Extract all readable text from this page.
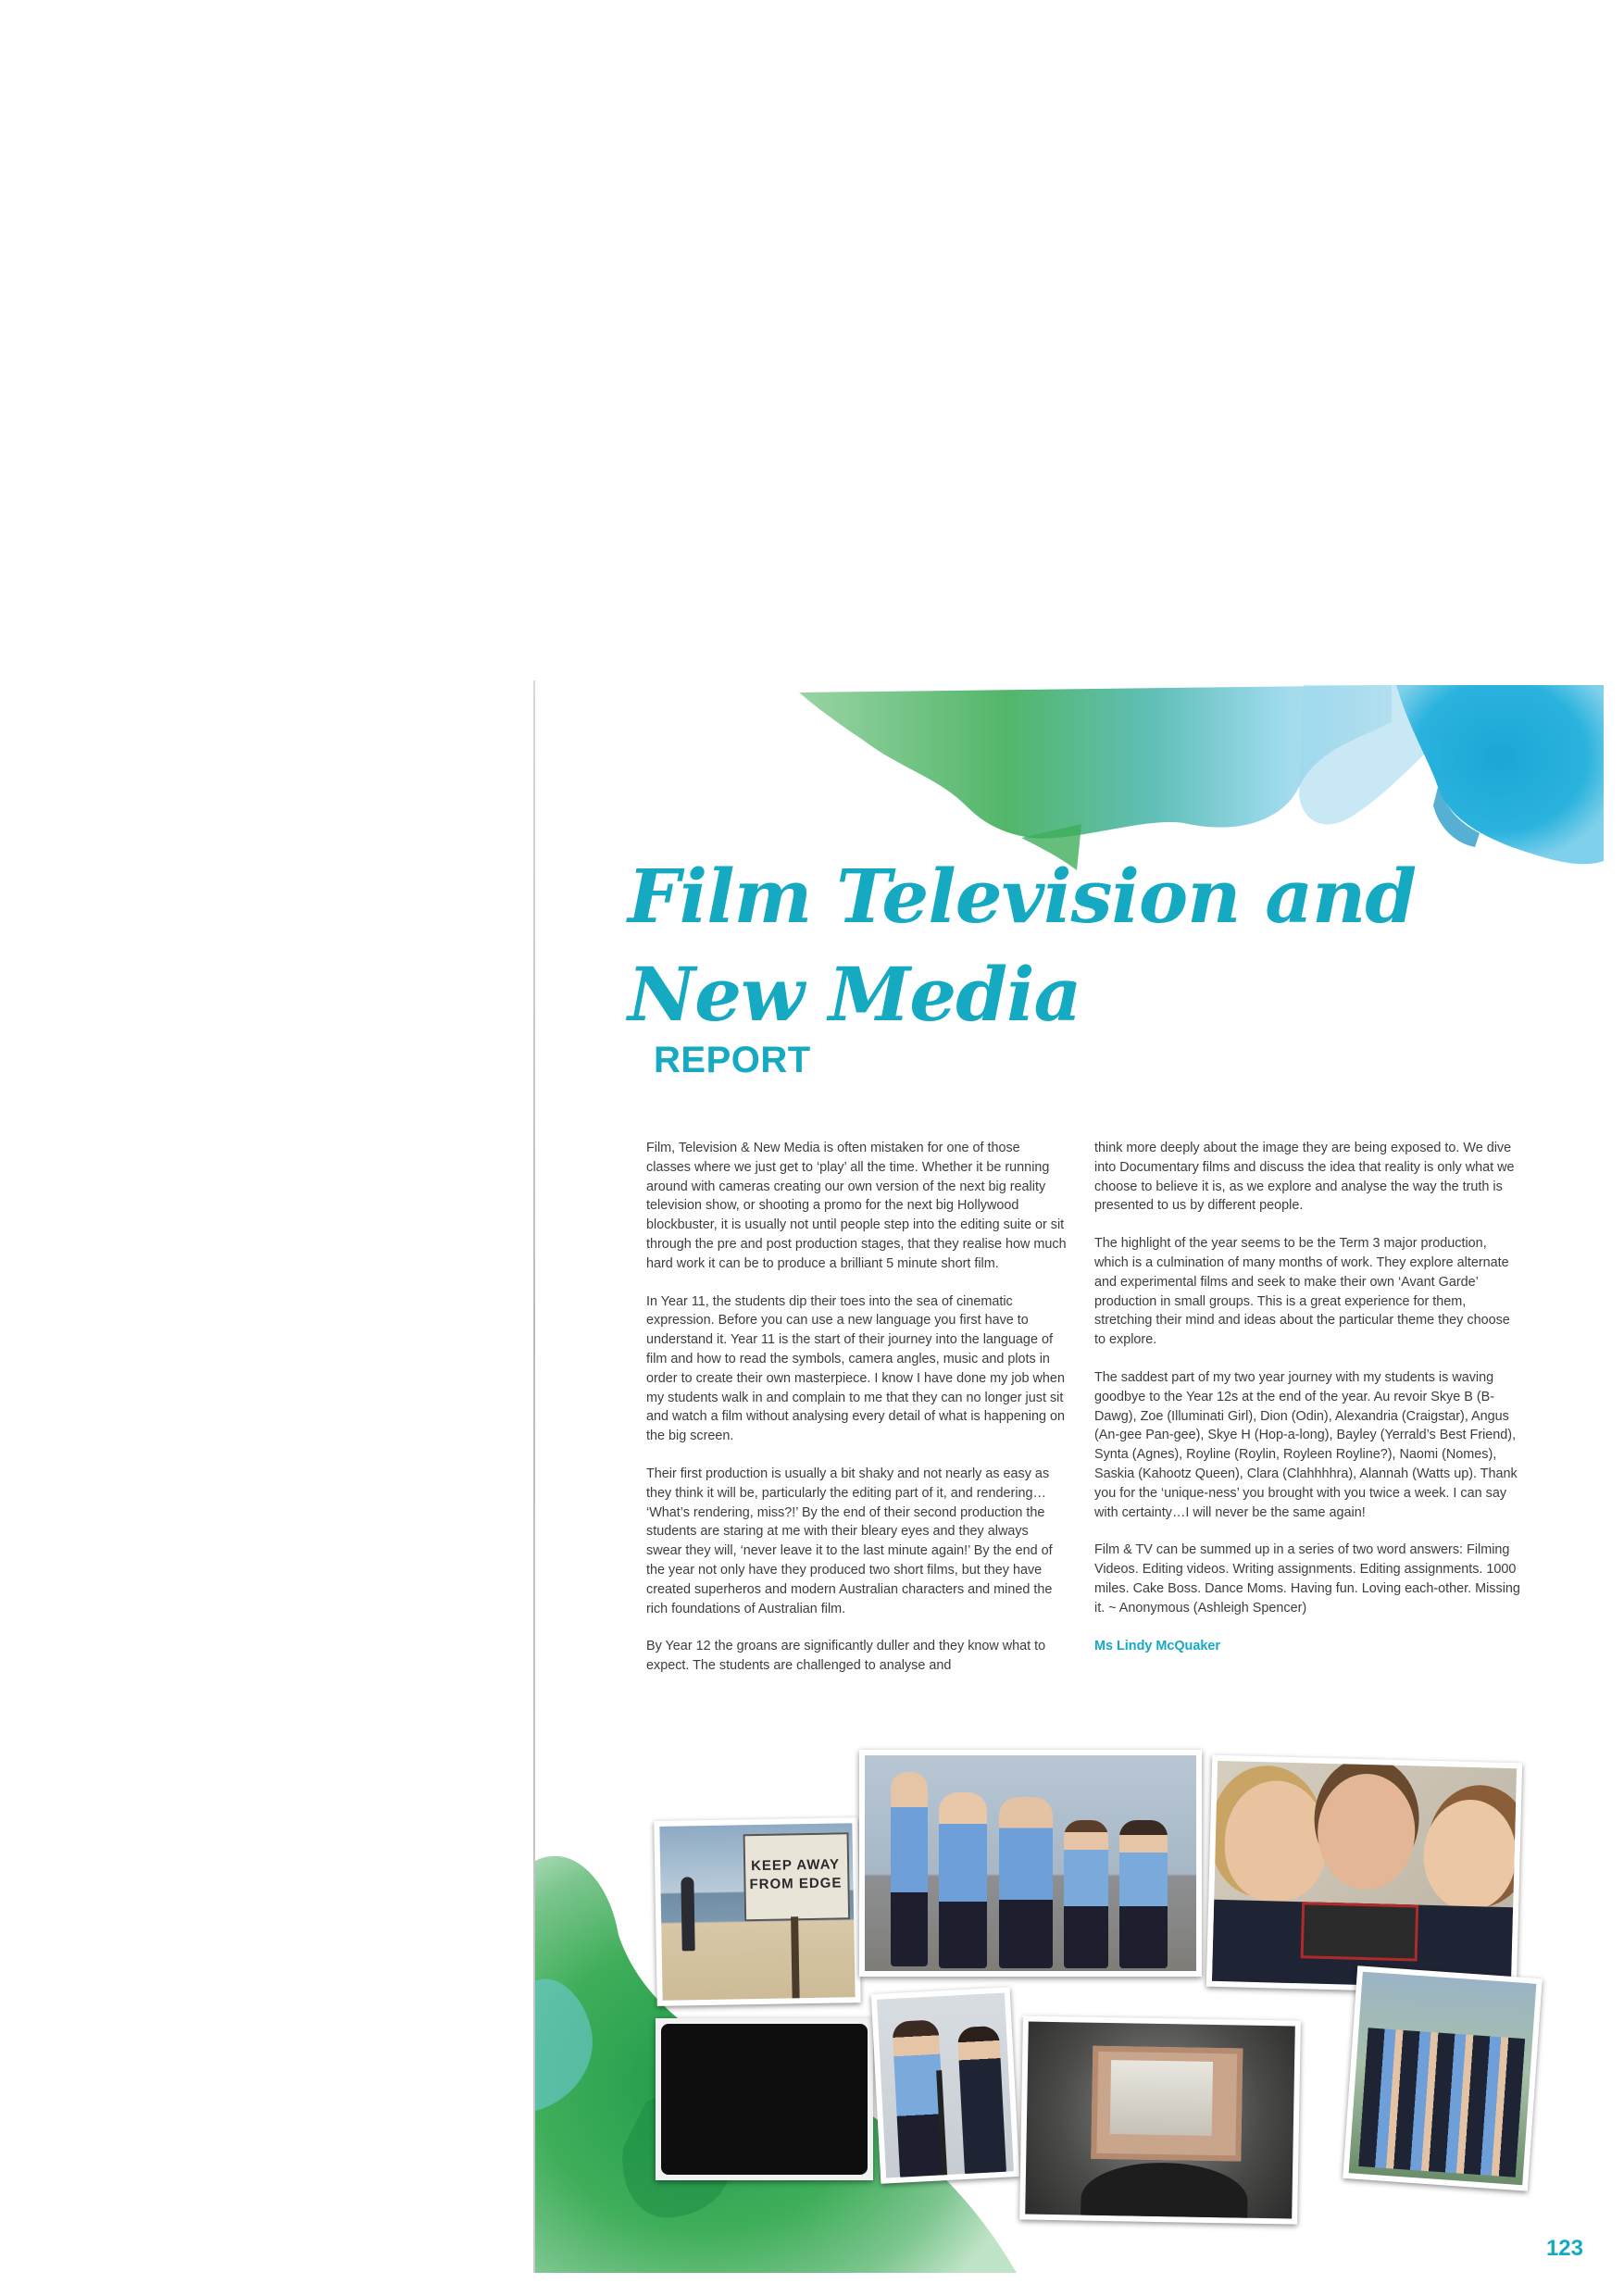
Film Television and
New Media
REPORT

Film, Television & New Media is often mistaken for one of those classes where we just get to ‘play’ all the time. Whether it be running around with cameras creating our own version of the next big reality television show, or shooting a promo for the next big Hollywood blockbuster, it is usually not until people step into the editing suite or sit through the pre and post production stages, that they realise how much hard work it can be to produce a brilliant 5 minute short film.

In Year 11, the students dip their toes into the sea of cinematic expression. Before you can use a new language you first have to understand it. Year 11 is the start of their journey into the language of film and how to read the symbols, camera angles, music and plots in order to create their own masterpiece. I know I have done my job when my students walk in and complain to me that they can no longer just sit and watch a film without analysing every detail of what is happening on the big screen.

Their first production is usually a bit shaky and not nearly as easy as they think it will be, particularly the editing part of it, and rendering… ‘What’s rendering, miss?!’ By the end of their second production the students are staring at me with their bleary eyes and they always swear they will, ‘never leave it to the last minute again!’ By the end of the year not only have they produced two short films, but they have created superheros and modern Australian characters and mined the rich foundations of Australian film.

By Year 12 the groans are significantly duller and they know what to expect. The students are challenged to analyse and

think more deeply about the image they are being exposed to. We dive into Documentary films and discuss the idea that reality is only what we choose to believe it is, as we explore and analyse the way the truth is presented to us by different people.

The highlight of the year seems to be the Term 3 major production, which is a culmination of many months of work. They explore alternate and experimental films and seek to make their own ‘Avant Garde’ production in small groups. This is a great experience for them, stretching their mind and ideas about the particular theme they choose to explore.

The saddest part of my two year journey with my students is waving goodbye to the Year 12s at the end of the year. Au revoir Skye B (B-Dawg), Zoe (Illuminati Girl), Dion (Odin), Alexandria (Craigstar), Angus (An-gee Pan-gee), Skye H (Hop-a-long), Bayley (Yerrald’s Best Friend), Synta (Agnes), Royline (Roylin, Royleen Royline?), Naomi (Nomes), Saskia (Kahootz Queen), Clara (Clahhhhra), Alannah (Watts up). Thank you for the ‘unique-ness’ you brought with you twice a week. I can say with certainty…I will never be the same again!

Film & TV can be summed up in a series of two word answers: Filming Videos. Editing videos. Writing assignments. Editing assignments. 1000 miles. Cake Boss. Dance Moms. Having fun. Loving each-other. Missing it. ~ Anonymous (Ashleigh Spencer)

Ms Lindy McQuaker

KEEP AWAY
FROM EDGE

123
